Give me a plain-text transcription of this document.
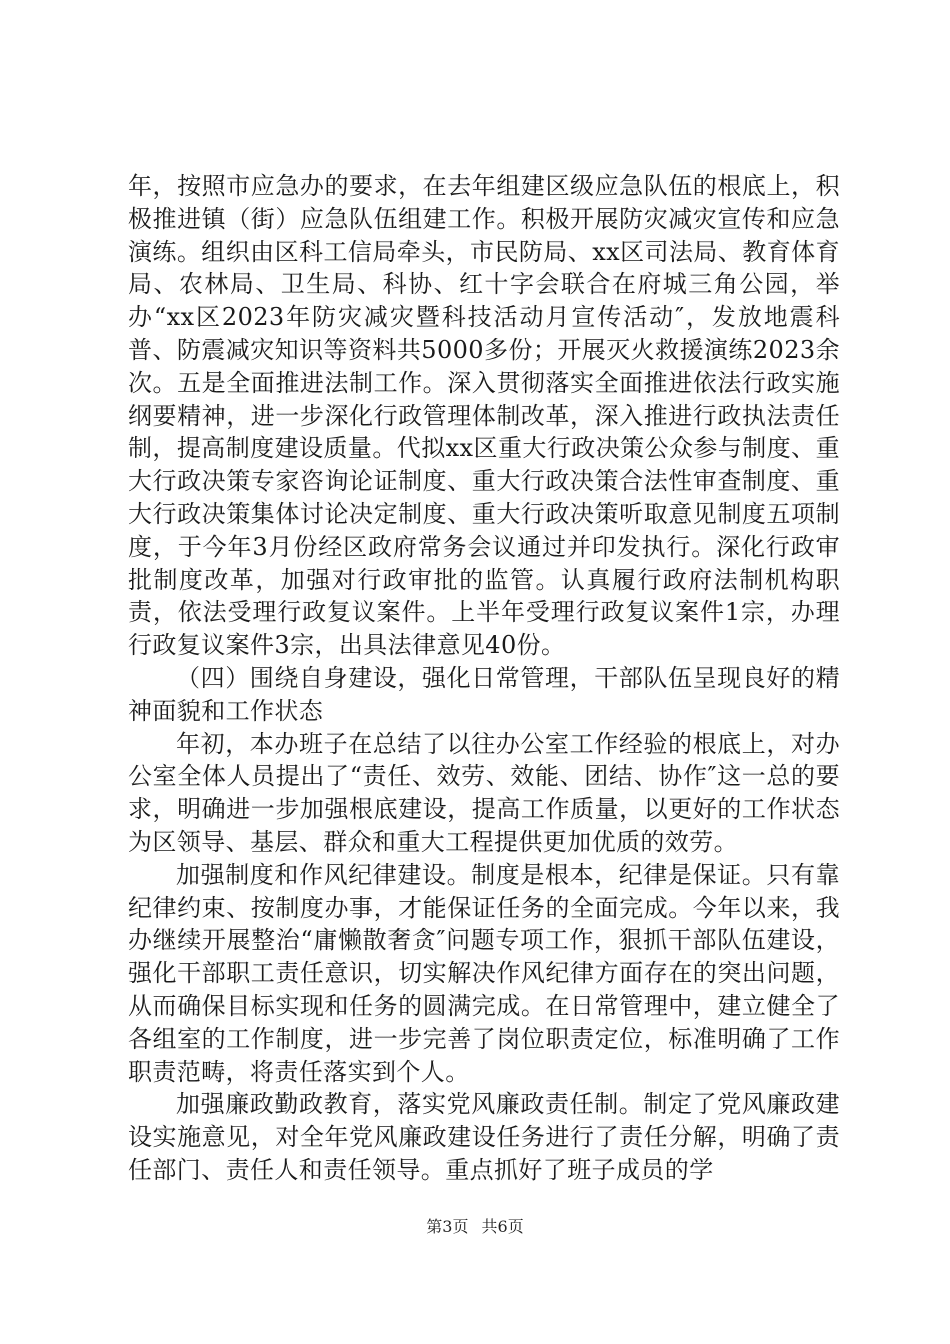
年，按照市应急办的要求，在去年组建区级应急队伍的根底上，积极推进镇（街）应急队伍组建工作。积极开展防灾减灾宣传和应急演练。组织由区科工信局牵头，市民防局、xx区司法局、教育体育局、农林局、卫生局、科协、红十字会联合在府城三角公园，举办“xx区2023年防灾减灾暨科技活动月宣传活动″，发放地震科普、防震减灾知识等资料共5000多份；开展灭火救援演练2023余次。五是全面推进法制工作。深入贯彻落实全面推进依法行政实施纲要精神，进一步深化行政管理体制改革，深入推进行政执法责任制，提高制度建设质量。代拟xx区重大行政决策公众参与制度、重大行政决策专家咨询论证制度、重大行政决策合法性审查制度、重大行政决策集体讨论决定制度、重大行政决策听取意见制度五项制度，于今年3月份经区政府常务会议通过并印发执行。深化行政审批制度改革，加强对行政审批的监管。认真履行政府法制机构职责，依法受理行政复议案件。上半年受理行政复议案件1宗，办理行政复议案件3宗，出具法律意见40份。

（四）围绕自身建设，强化日常管理，干部队伍呈现良好的精神面貌和工作状态

年初，本办班子在总结了以往办公室工作经验的根底上，对办公室全体人员提出了“责任、效劳、效能、团结、协作″这一总的要求，明确进一步加强根底建设，提高工作质量，以更好的工作状态为区领导、基层、群众和重大工程提供更加优质的效劳。

加强制度和作风纪律建设。制度是根本，纪律是保证。只有靠纪律约束、按制度办事，才能保证任务的全面完成。今年以来，我办继续开展整治“庸懒散奢贪″问题专项工作，狠抓干部队伍建设，强化干部职工责任意识，切实解决作风纪律方面存在的突出问题，从而确保目标实现和任务的圆满完成。在日常管理中，建立健全了各组室的工作制度，进一步完善了岗位职责定位，标准明确了工作职责范畴，将责任落实到个人。

加强廉政勤政教育，落实党风廉政责任制。制定了党风廉政建设实施意见，对全年党风廉政建设任务进行了责任分解，明确了责任部门、责任人和责任领导。重点抓好了班子成员的学

第3页 共6页
